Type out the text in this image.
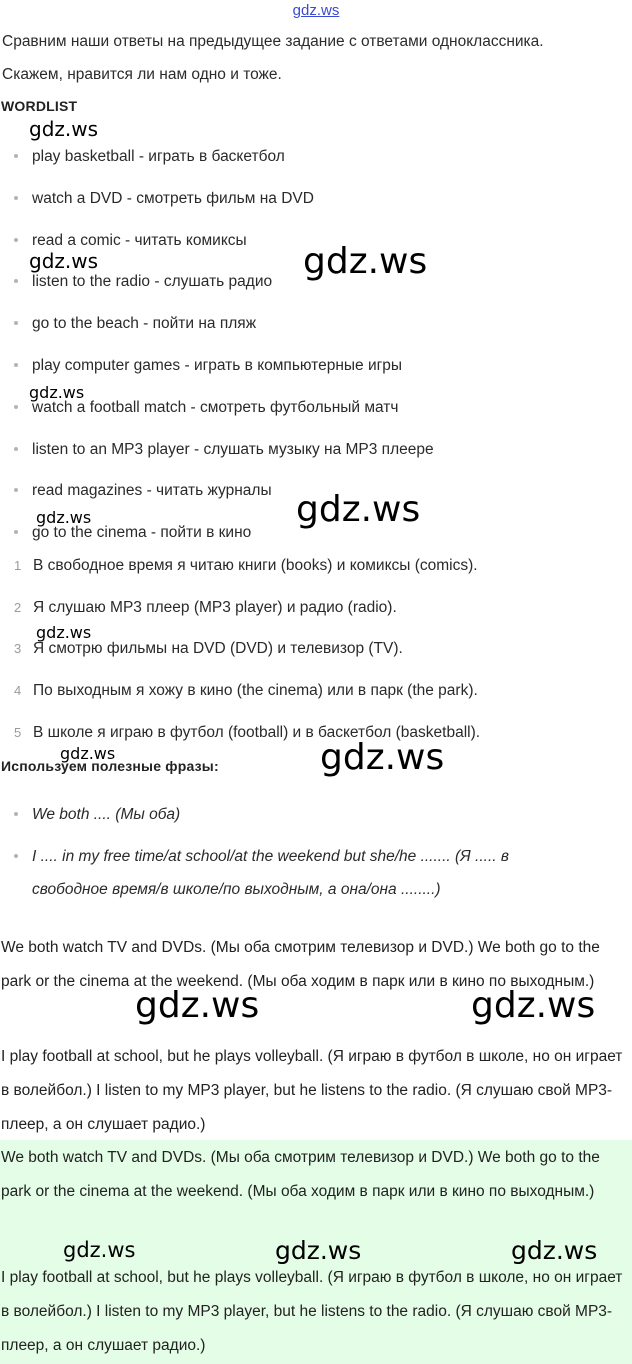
gdz.ws
Сравним наши ответы на предыдущее задание с ответами одноклассника.
Скажем, нравится ли нам одно и тоже.
WORDLIST
play basketball - играть в баскетбол
watch a DVD - смотреть фильм на DVD
read a comic - читать комиксы
listen to the radio - слушать радио
go to the beach - пойти на пляж
play computer games - играть в компьютерные игры
watch a football match - смотреть футбольный матч
listen to an MP3 player - слушать музыку на MP3 плеере
read magazines - читать журналы
go to the cinema - пойти в кино
1 В свободное время я читаю книги (books) и комиксы (comics).
2 Я слушаю MP3 плеер (MP3 player) и радио (radio).
3 Я смотрю фильмы на DVD (DVD) и телевизор (TV).
4 По выходным я хожу в кино (the cinema) или в парк (the park).
5 В школе я играю в футбол (football) и в баскетбол (basketball).
Используем полезные фразы:
We both .... (Мы оба)
I .... in my free time/at school/at the weekend but she/he ....... (Я ..... в
свободное время/в школе/по выходным, а она/она ........)
We both watch TV and DVDs. (Мы оба смотрим телевизор и DVD.) We both go to the park or the cinema at the weekend. (Мы оба ходим в парк или в кино по выходным.)
I play football at school, but he plays volleyball. (Я играю в футбол в школе, но он играет в волейбол.) I listen to my MP3 player, but he listens to the radio. (Я слушаю свой MP3-плеер, а он слушает радио.)
We both watch TV and DVDs. (Мы оба смотрим телевизор и DVD.) We both go to the park or the cinema at the weekend. (Мы оба ходим в парк или в кино по выходным.)
I play football at school, but he plays volleyball. (Я играю в футбол в школе, но он играет в волейбол.) I listen to my MP3 player, but he listens to the radio. (Я слушаю свой MP3-плеер, а он слушает радио.)
gdz.ws
gdz.ws	gdz.ws
gdz.ws
gdz.ws	gdz.ws
gdz.ws
gdz.ws	gdz.ws
gdz.ws	gdz.ws
gdz.ws	gdz.ws	gdz.ws
